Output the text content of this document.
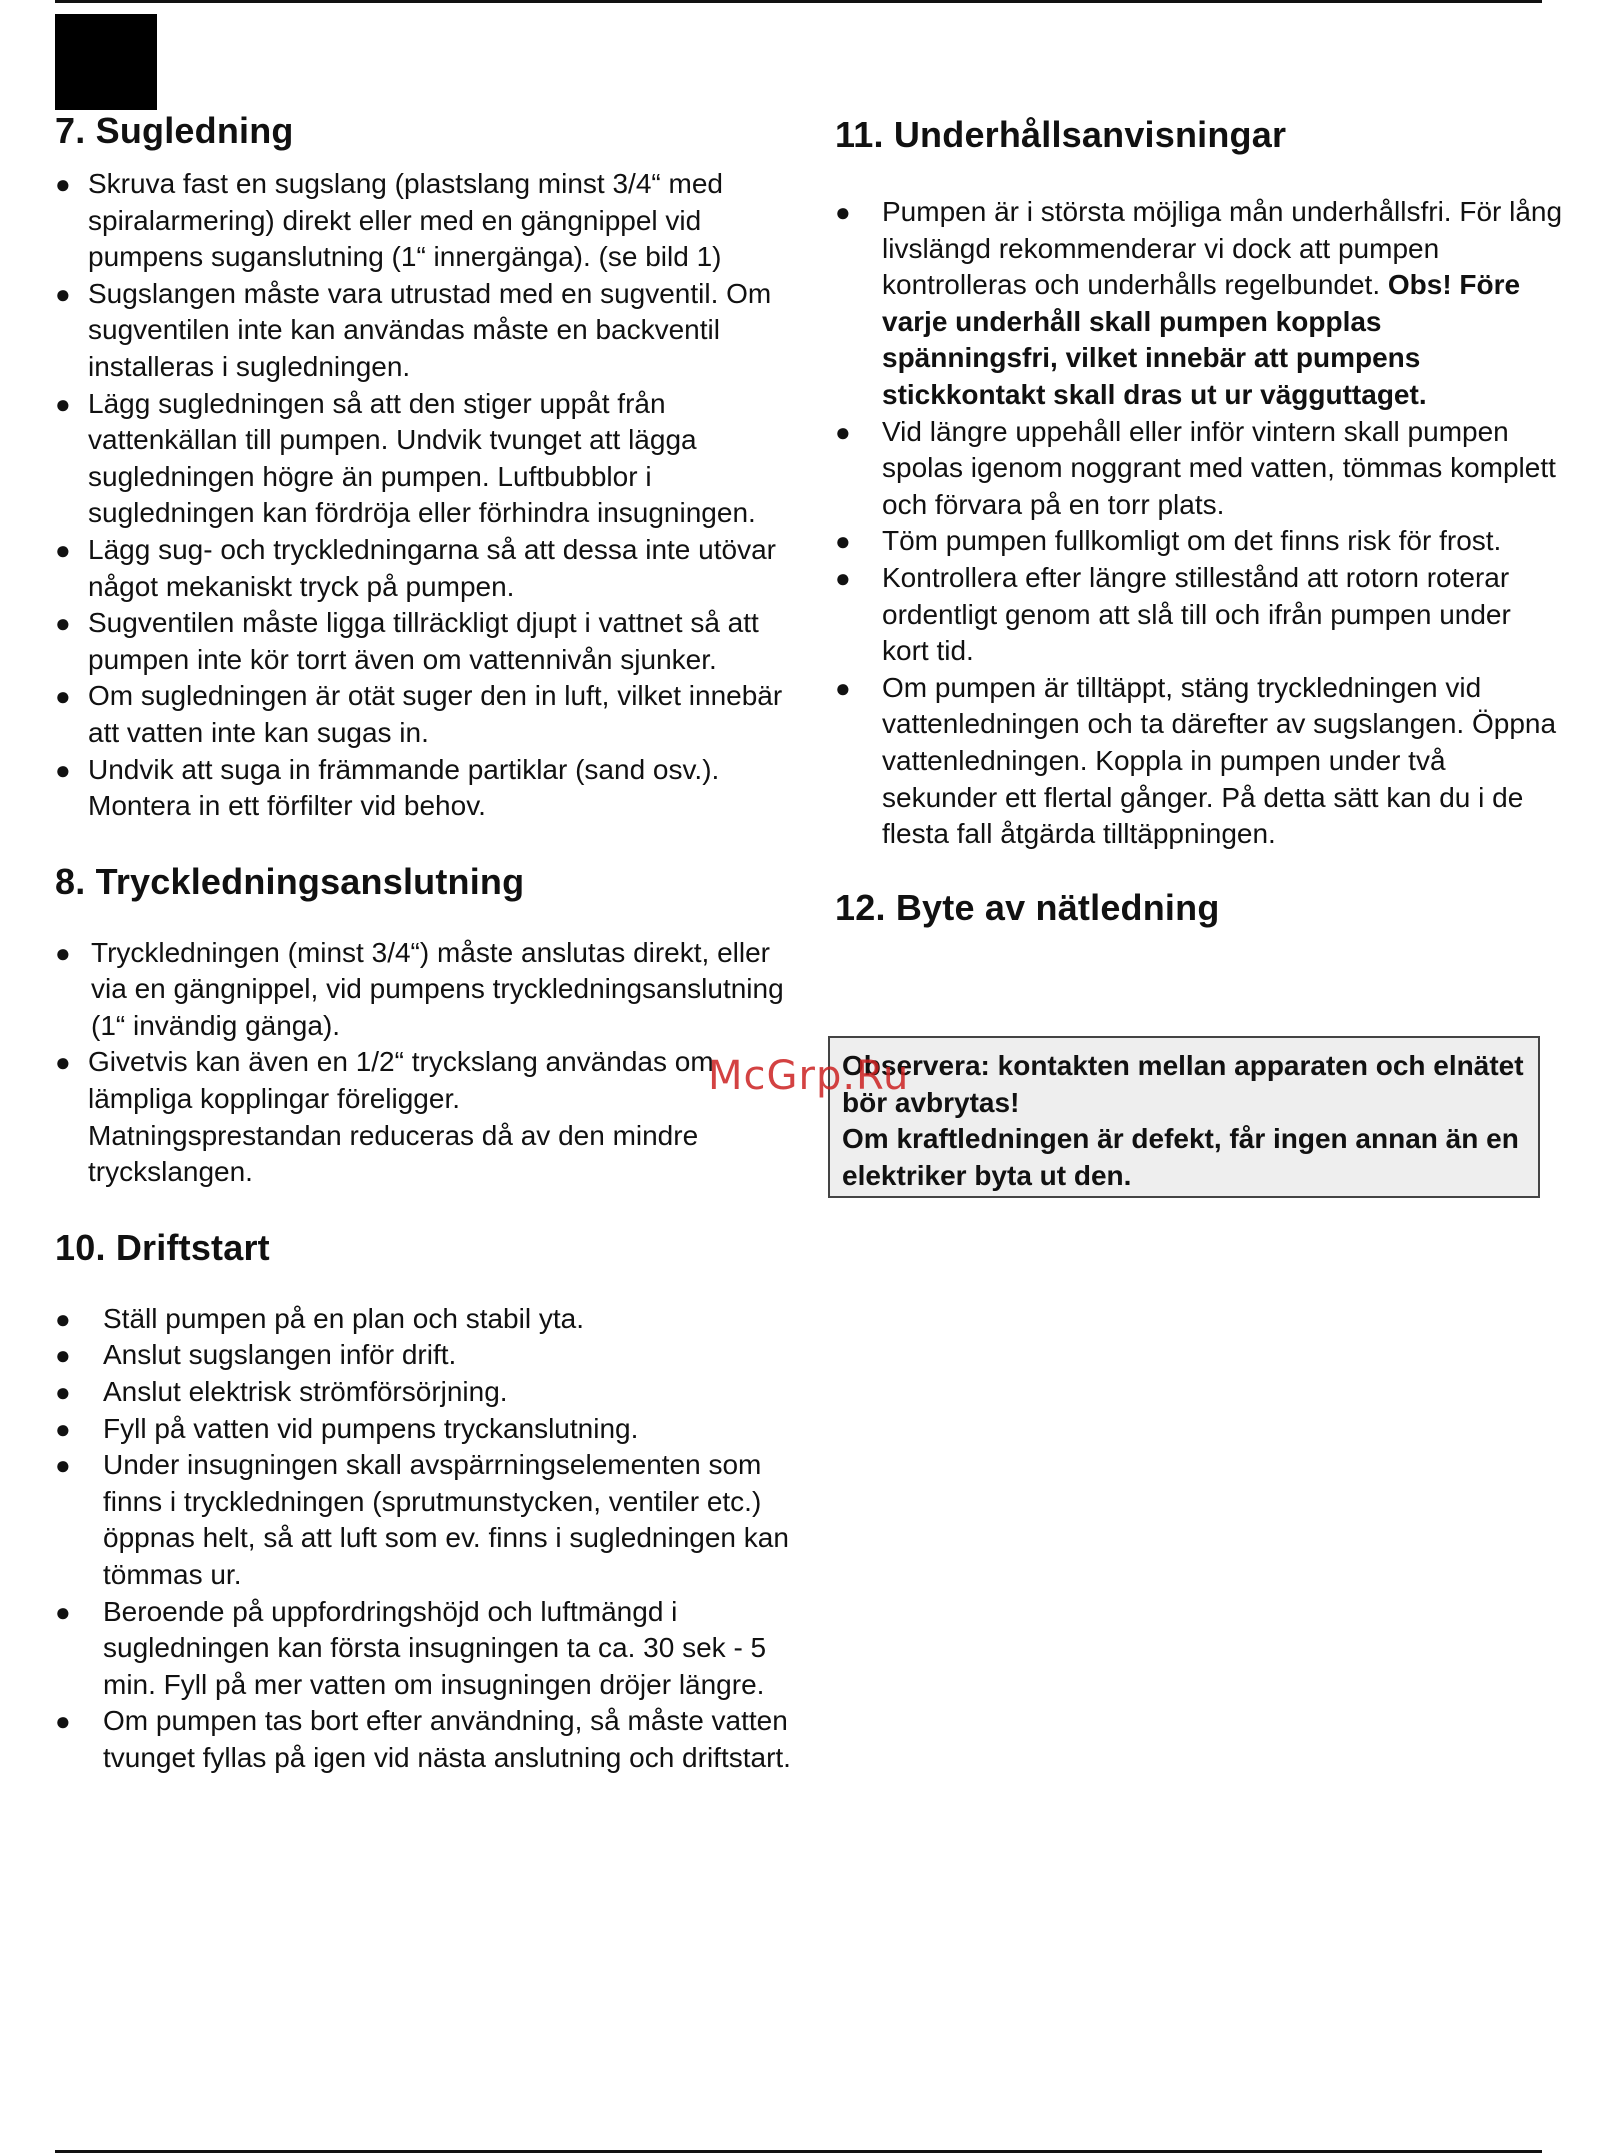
7. Sugledning
● Skruva fast en sugslang (plastslang minst 3/4“ med spiralarmering) direkt eller med en gängnippel vid pumpens suganslutning (1“ innergänga). (se bild 1)
● Sugslangen måste vara utrustad med en sugventil. Om sugventilen inte kan användas måste en backventil installeras i sugledningen.
● Lägg sugledningen så att den stiger uppåt från vattenkällan till pumpen. Undvik tvunget att lägga sugledningen högre än pumpen. Luftbubblor i sugledningen kan fördröja eller förhindra insugningen.
● Lägg sug- och tryckledningarna så att dessa inte utövar något mekaniskt tryck på pumpen.
● Sugventilen måste ligga tillräckligt djupt i vattnet så att pumpen inte kör torrt även om vattennivån sjunker.
● Om sugledningen är otät suger den in luft, vilket innebär att vatten inte kan sugas in.
● Undvik att suga in främmande partiklar (sand osv.). Montera in ett förfilter vid behov.
8. Tryckledningsanslutning
● Tryckledningen (minst 3/4“) måste anslutas direkt, eller via en gängnippel, vid pumpens tryckledningsanslutning (1“ invändig gänga).
● Givetvis kan även en 1/2“ tryckslang användas om lämpliga kopplingar föreligger.
Matningsprestandan reduceras då av den mindre tryckslangen.
10. Driftstart
● Ställ pumpen på en plan och stabil yta.
● Anslut sugslangen inför drift.
● Anslut elektrisk strömförsörjning.
● Fyll på vatten vid pumpens tryckanslutning.
● Under insugningen skall avspärrningselementen som finns i tryckledningen (sprutmunstycken, ventiler etc.) öppnas helt, så att luft som ev. finns i sugledningen kan tömmas ur.
● Beroende på uppfordringshöjd och luftmängd i sugledningen kan första insugningen ta ca. 30 sek - 5 min. Fyll på mer vatten om insugningen dröjer längre.
● Om pumpen tas bort efter användning, så måste vatten tvunget fyllas på igen vid nästa anslutning och driftstart.
11. Underhållsanvisningar
● Pumpen är i största möjliga mån underhållsfri. För lång livslängd rekommenderar vi dock att pumpen kontrolleras och underhålls regelbundet. Obs! Före varje underhåll skall pumpen kopplas spänningsfri, vilket innebär att pumpens stickkontakt skall dras ut ur vägguttaget.
● Vid längre uppehåll eller inför vintern skall pumpen spolas igenom noggrant med vatten, tömmas komplett och förvara på en torr plats.
● Töm pumpen fullkomligt om det finns risk för frost.
● Kontrollera efter längre stillestånd att rotorn roterar ordentligt genom att slå till och ifrån pumpen under kort tid.
● Om pumpen är tilltäppt, stäng tryckledningen vid vattenledningen och ta därefter av sugslangen. Öppna vattenledningen. Koppla in pumpen under två sekunder ett flertal gånger. På detta sätt kan du i de flesta fall åtgärda tilltäppningen.
12. Byte av nätledning

Observera: kontakten mellan apparaten och elnätet bör avbrytas!

Om kraftledningen är defekt, får ingen annan än en elektriker byta ut den.

McGrp.Ru
